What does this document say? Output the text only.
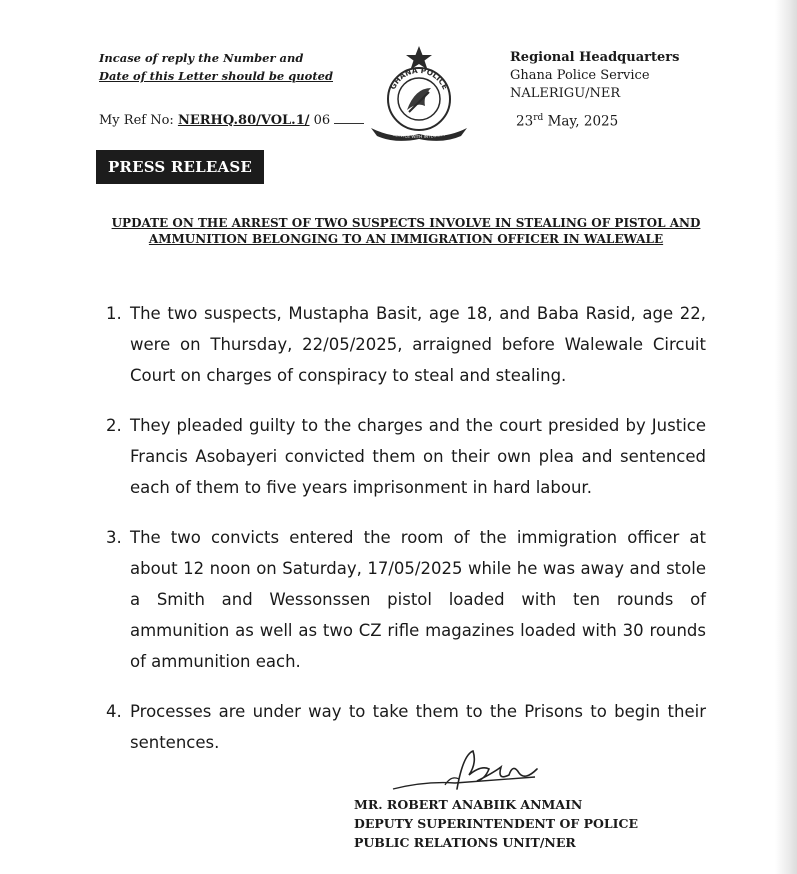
Incase of reply the Number and
Date of this Letter should be quoted
My Ref No: NERHQ.80/VOL.1/ 06
GHANA POLICE
SERVICE WITH INTEGRITY
Regional Headquarters
Ghana Police Service
NALERIGU/NER
23rd May, 2025
PRESS RELEASE
UPDATE ON THE ARREST OF TWO SUSPECTS INVOLVE IN STEALING OF PISTOL AND AMMUNITION BELONGING TO AN IMMIGRATION OFFICER IN WALEWALE
1. The two suspects, Mustapha Basit, age 18, and Baba Rasid, age 22, were on Thursday, 22/05/2025, arraigned before Walewale Circuit Court on charges of conspiracy to steal and stealing.
2. They pleaded guilty to the charges and the court presided by Justice Francis Asobayeri convicted them on their own plea and sentenced each of them to five years imprisonment in hard labour.
3. The two convicts entered the room of the immigration officer at about 12 noon on Saturday, 17/05/2025 while he was away and stole a Smith and Wessonssen pistol loaded with ten rounds of ammunition as well as two CZ rifle magazines loaded with 30 rounds of ammunition each.
4. Processes are under way to take them to the Prisons to begin their sentences.
MR. ROBERT ANABIIK ANMAIN
DEPUTY SUPERINTENDENT OF POLICE
PUBLIC RELATIONS UNIT/NER
